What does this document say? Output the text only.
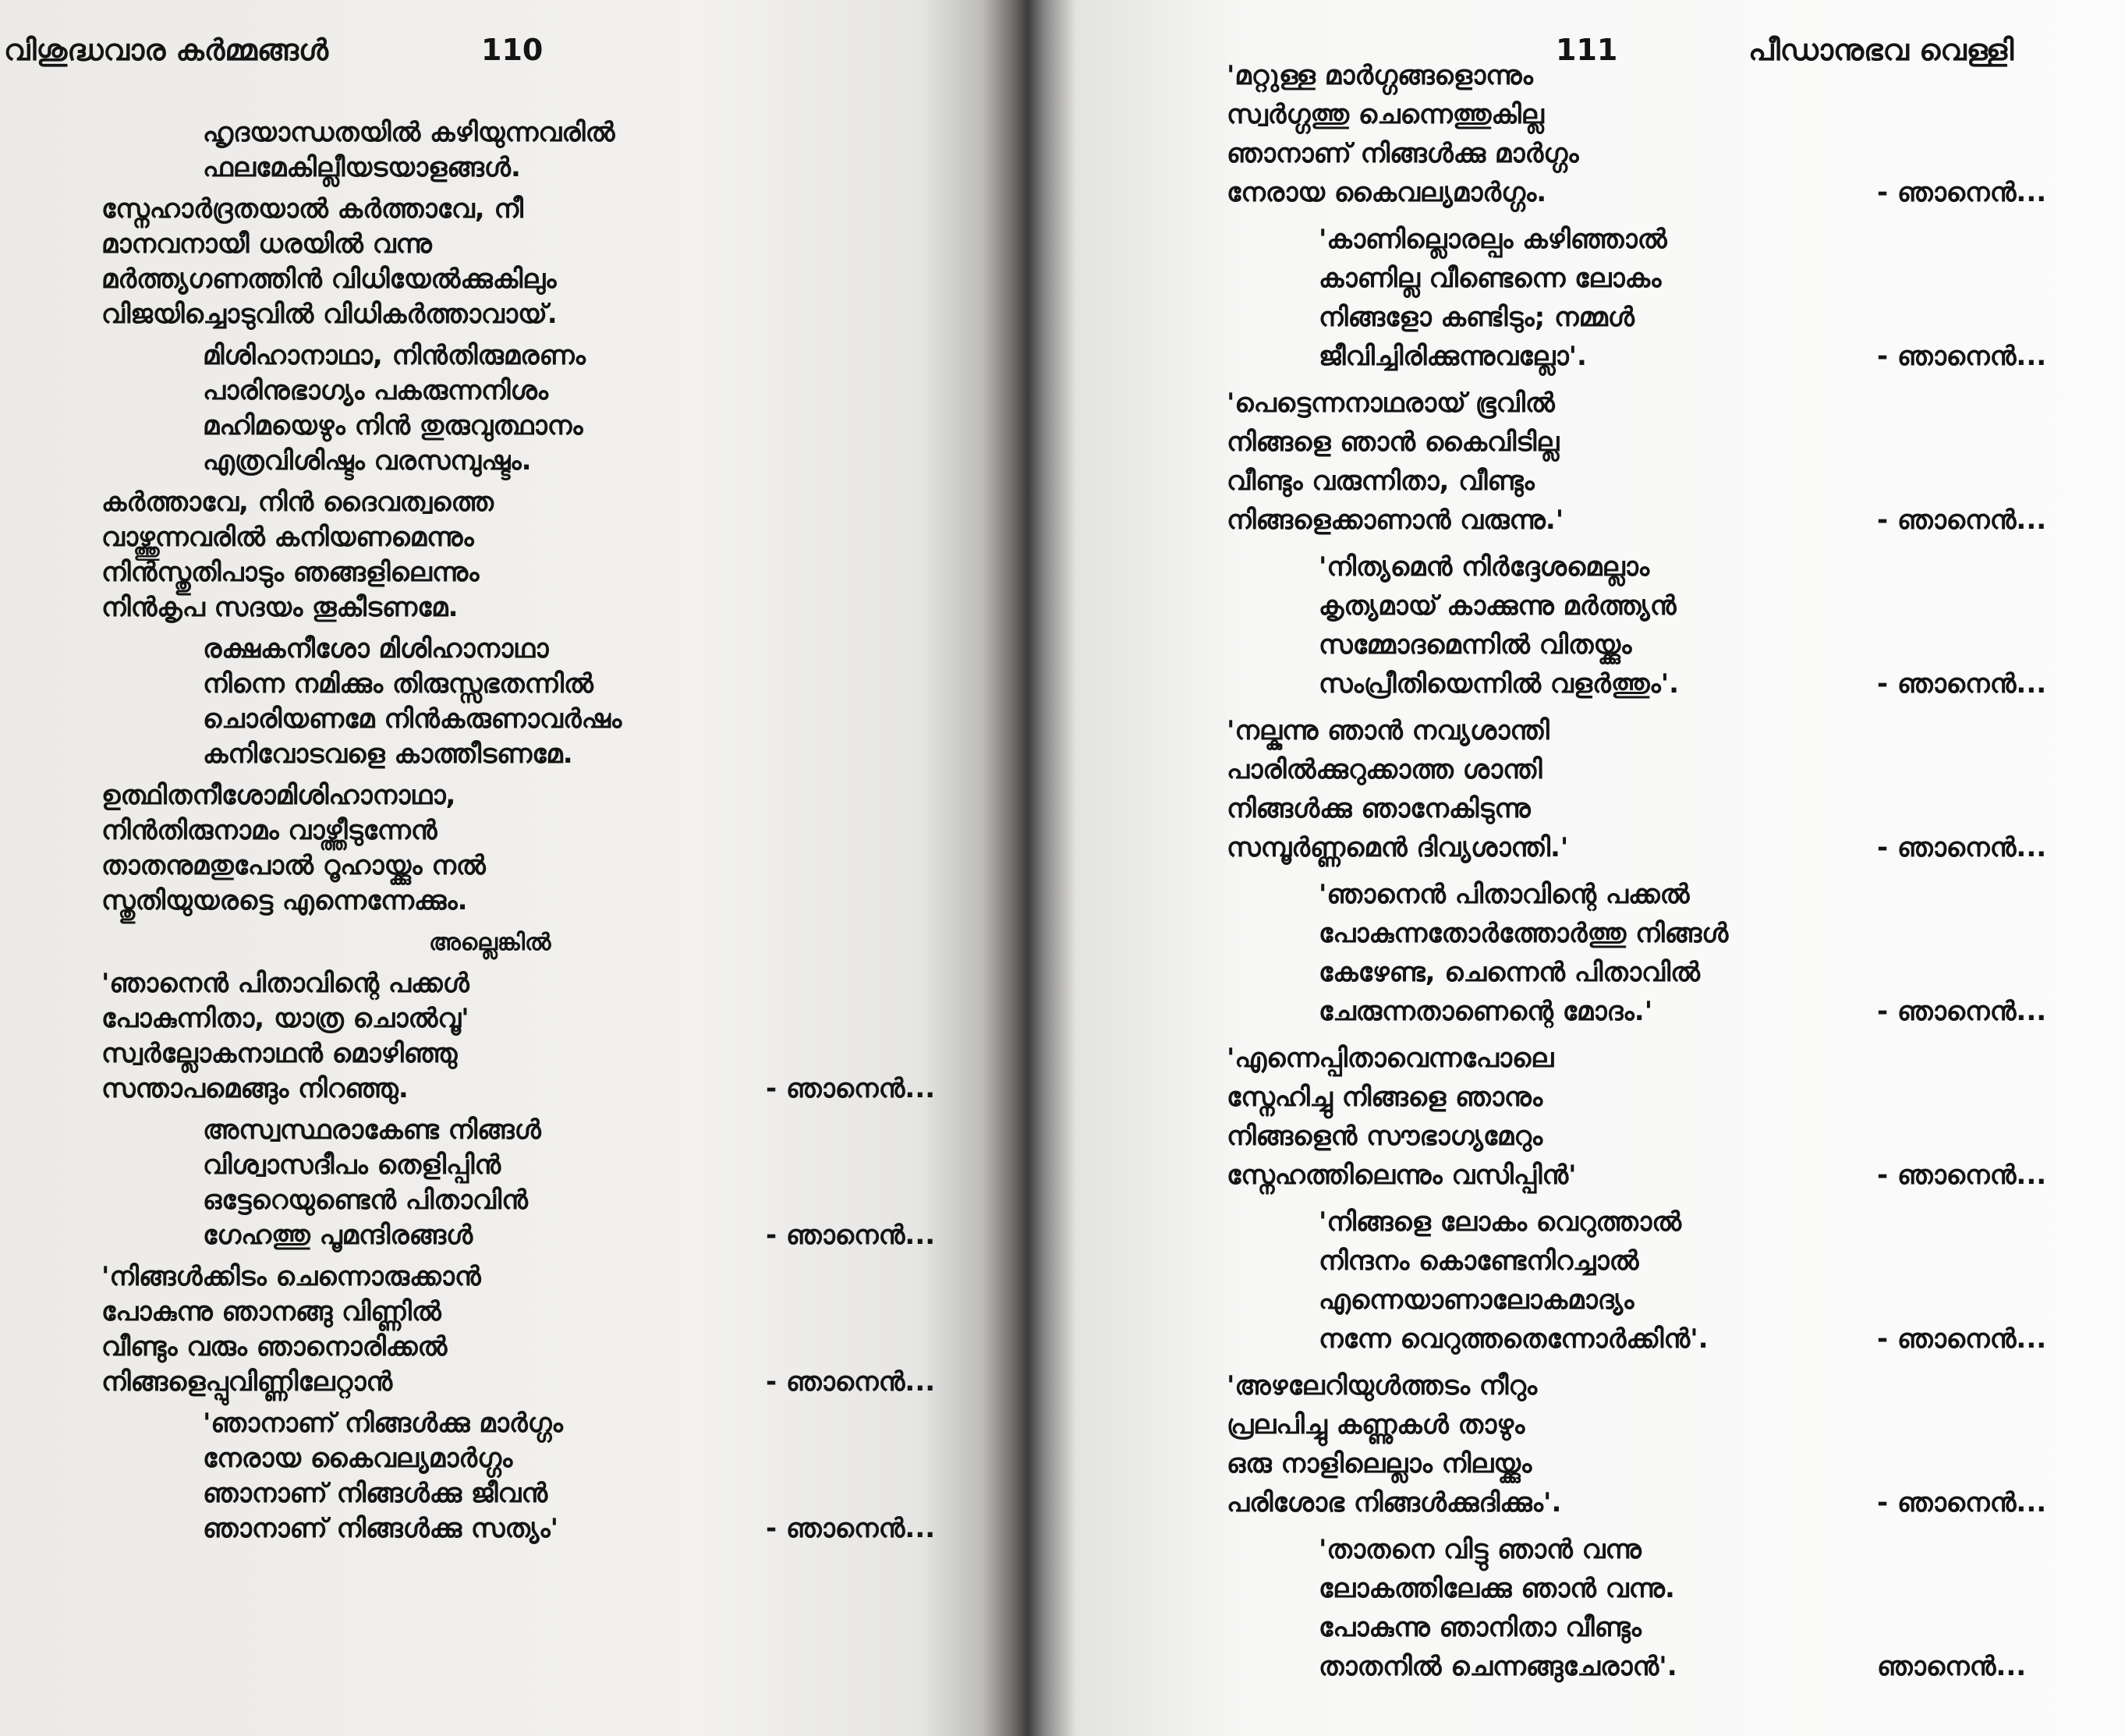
വിശുദ്ധവാര കർമ്മങ്ങൾ	110	111	പീഡാനുഭവ വെള്ളി
ഹൃദയാന്ധതയിൽ കഴിയുന്നവരിൽ
ഫലമേകില്ലീയടയാളങ്ങൾ.
സ്നേഹാർദ്രതയാൽ കർത്താവേ, നീ
മാനവനായീ ധരയിൽ വന്നു
മർത്ത്യഗണത്തിൻ വിധിയേൽക്കുകിലും
വിജയിച്ചൊടുവിൽ വിധികർത്താവായ്.
മിശിഹാനാഥാ, നിൻതിരുമരണം
പാരിനുഭാഗ്യം പകരുന്നനിശം
മഹിമയെഴും നിൻ തുരുവുത്ഥാനം
എത്രവിശിഷ്ടം വരസമ്പുഷ്ടം.
കർത്താവേ, നിൻ ദൈവത്വത്തെ
വാഴ്ത്തുന്നവരിൽ കനിയണമെന്നും
നിൻസ്തുതിപാടും ഞങ്ങളിലെന്നും
നിൻകൃപ സദയം തൂകീടണമേ.
രക്ഷകനീശോ മിശിഹാനാഥാ
നിന്നെ നമിക്കും തിരുസ്സഭതന്നിൽ
ചൊരിയണമേ നിൻകരുണാവർഷം
കനിവോടവളെ കാത്തീടണമേ.
ഉത്ഥിതനീശോമിശിഹാനാഥാ,
നിൻതിരുനാമം വാഴ്ത്തീടുന്നേൻ
താതനുമതുപോൽ റൂഹായ്ക്കും നൽ
സ്തുതിയുയരട്ടെ എന്നെന്നേക്കും.
അല്ലെങ്കിൽ
'ഞാനെൻ പിതാവിന്റെ പക്കൾ
പോകുന്നിതാ, യാത്ര ചൊൽവൂ'
സ്വർല്ലോകനാഥൻ മൊഴിഞ്ഞു
സന്താപമെങ്ങും നിറഞ്ഞു.	- ഞാനെൻ...
അസ്വസ്ഥരാകേണ്ട നിങ്ങൾ
വിശ്വാസദീപം തെളിപ്പിൻ
ഒട്ടേറെയുണ്ടെൻ പിതാവിൻ
ഗേഹത്തു പൂമന്ദിരങ്ങൾ	- ഞാനെൻ...
'നിങ്ങൾക്കിടം ചെന്നൊരുക്കാൻ
പോകുന്നു ഞാനങ്ങു വിണ്ണിൽ
വീണ്ടും വരും ഞാനൊരിക്കൽ
നിങ്ങളെപ്പുവിണ്ണിലേറ്റാൻ	- ഞാനെൻ...
'ഞാനാണ് നിങ്ങൾക്കു മാർഗ്ഗം
നേരായ കൈവല്യമാർഗ്ഗം
ഞാനാണ് നിങ്ങൾക്കു ജീവൻ
ഞാനാണ് നിങ്ങൾക്കു സത്യം'	- ഞാനെൻ...
'മറ്റുള്ള മാർഗ്ഗങ്ങളൊന്നും
സ്വർഗ്ഗത്തു ചെന്നെത്തുകില്ല
ഞാനാണ് നിങ്ങൾക്കു മാർഗ്ഗം
നേരായ കൈവല്യമാർഗ്ഗം.	- ഞാനെൻ...
'കാണില്ലൊരല്പം കഴിഞ്ഞാൽ
കാണില്ല വീണ്ടെന്നെ ലോകം
നിങ്ങളോ കണ്ടിടും; നമ്മൾ
ജീവിച്ചിരിക്കുന്നുവല്ലോ'.	- ഞാനെൻ...
'പെട്ടെന്നനാഥരായ് ഭൂവിൽ
നിങ്ങളെ ഞാൻ കൈവിടില്ല
വീണ്ടും വരുന്നിതാ, വീണ്ടും
നിങ്ങളെക്കാണാൻ വരുന്നു.'	- ഞാനെൻ...
'നിത്യമെൻ നിർദ്ദേശമെല്ലാം
കൃത്യമായ് കാക്കുന്നു മർത്ത്യൻ
സമ്മോദമെന്നിൽ വിതയ്ക്കും
സംപ്രീതിയെന്നിൽ വളർത്തും'.	- ഞാനെൻ...
'നല്കുന്നു ഞാൻ നവ്യശാന്തി
പാരിൽക്കുറുക്കാത്ത ശാന്തി
നിങ്ങൾക്കു ഞാനേകിടുന്നു
സമ്പൂർണ്ണമെൻ ദിവ്യശാന്തി.'	- ഞാനെൻ...
'ഞാനെൻ പിതാവിന്റെ പക്കൽ
പോകുന്നതോർത്തോർത്തു നിങ്ങൾ
കേഴേണ്ട, ചെന്നെൻ പിതാവിൽ
ചേരുന്നതാണെന്റെ മോദം.'	- ഞാനെൻ...
'എന്നെപ്പിതാവെന്നപോലെ
സ്നേഹിച്ചു നിങ്ങളെ ഞാനും
നിങ്ങളെൻ സൗഭാഗ്യമേറും
സ്നേഹത്തിലെന്നും വസിപ്പിൻ'	- ഞാനെൻ...
'നിങ്ങളെ ലോകം വെറുത്താൽ
നിന്ദനം കൊണ്ടേനിറച്ചാൽ
എന്നെയാണാലോകമാദ്യം
നന്നേ വെറുത്തതെന്നോർക്കിൻ'.	- ഞാനെൻ...
'അഴലേറിയുൾത്തടം നീറും
പ്രലപിച്ചു കണ്ണുകൾ താഴും
ഒരു നാളിലെല്ലാം നിലയ്ക്കും
പരിശോഭ നിങ്ങൾക്കുദിക്കും'.	- ഞാനെൻ...
'താതനെ വിട്ടു ഞാൻ വന്നു
ലോകത്തിലേക്കു ഞാൻ വന്നു.
പോകുന്നു ഞാനിതാ വീണ്ടും
താതനിൽ ചെന്നങ്ങുചേരാൻ'.	ഞാനെൻ...
